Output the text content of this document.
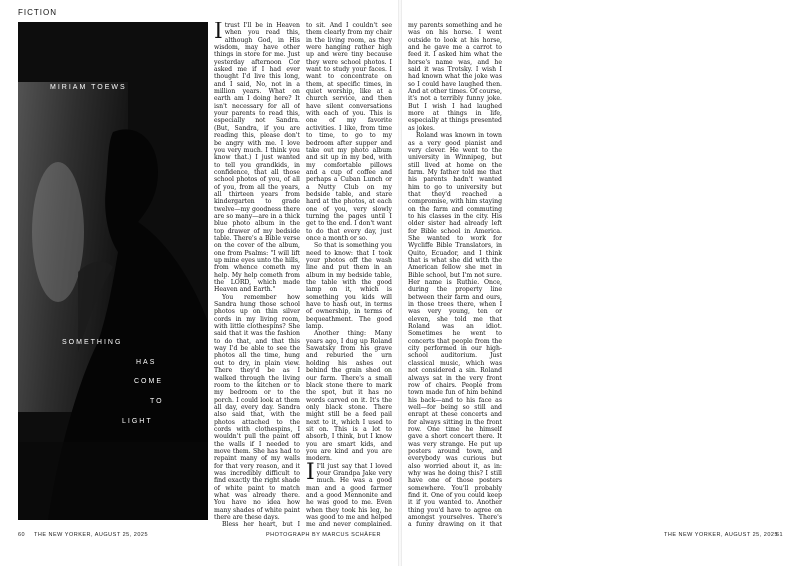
FICTION
MIRIAM TOEWS
SOMETHING
HAS
COME
TO
LIGHT

Itrust I'll be in Heaven when you read this, although God, in His wisdom, may have other things in store for me. Just yesterday afternoon Cor asked me if I had ever thought I'd live this long, and I said, No, not in a million years. What on earth am I doing here? It isn't necessary for all of your parents to read this, especially not Sandra. (But, Sandra, if you are reading this, please don't be angry with me. I love you very much. I think you know that.) I just wanted to tell you grandkids, in confidence, that all those school photos of you, of all of you, from all the years, all thirteen years from kindergarten to grade twelve—my goodness there are so many—are in a thick blue photo album in the top drawer of my bedside table. There's a Bible verse on the cover of the album, one from Psalms: "I will lift up mine eyes unto the hills, from whence cometh my help. My help cometh from the LORD, which made Heaven and Earth."

You remember how Sandra hung those school photos up on thin silver cords in my living room, with little clothespins? She said that it was the fashion to do that, and that this way I'd be able to see the photos all the time, hung out to dry, in plain view. There they'd be as I walked through the living room to the kitchen or to my bedroom or to the porch. I could look at them all day, every day. Sandra also said that, with the photos attached to the cords with clothespins, I wouldn't pull the paint off the walls if I needed to move them. She has had to repaint many of my walls for that very reason, and it was incredibly difficult to find exactly the right shade of white paint to match what was already there. You have no idea how many shades of white paint there are these days.

Bless her heart, but I

to sit. And I couldn't see them clearly from my chair in the living room, as they were hanging rather high up and were tiny because they were school photos. I want to study your faces. I want to concentrate on them, at specific times, in quiet worship, like at a church service, and then have silent conversations with each of you. This is one of my favorite activities. I like, from time to time, to go to my bedroom after supper and take out my photo album and sit up in my bed, with my comfortable pillows and a cup of coffee and perhaps a Cuban Lunch or a Nutty Club on my bedside table, and stare hard at the photos, at each one of you, very slowly turning the pages until I get to the end. I don't want to do that every day, just once a month or so.

So that is something you need to know: that I took your photos off the wash line and put them in an album in my bedside table, the table with the good lamp on it, which is something you kids will have to hash out, in terms of ownership, in terms of bequeathment. The good lamp.

Another thing: Many years ago, I dug up Roland Sawatsky from his grave and reburied the urn holding his ashes out behind the grain shed on our farm. There's a small black stone there to mark the spot, but it has no words carved on it. It's the only black stone. There might still be a feed pail next to it, which I used to sit on. This is a lot to absorb, I think, but I know you are smart kids, and you are kind and you are modern.

I I'll just say that I loved your Grandpa Jake very much. He was a good man and a good farmer and a good Mennonite and he was good to me. Even when they took his leg, he was good to me and helped me and never complained.

60 THE NEW YORKER, AUGUST 25, 2025	PHOTOGRAPH BY MARCUS SCHÄFER

my parents something and he was on his horse. I went outside to look at his horse, and he gave me a carrot to feed it. I asked him what the horse's name was, and he said it was Trotsky. I wish I had known what the joke was so I could have laughed then. And at other times. Of course, it's not a terribly funny joke. But I wish I had laughed more at things in life, especially at things presented as jokes.

Roland was known in town as a very good pianist and very clever. He went to the university in Winnipeg, but still lived at home on the farm. My father told me that his parents hadn't wanted him to go to university but that they'd reached a compromise, with him staying on the farm and commuting to his classes in the city. His older sister had already left for Bible school in America. She wanted to work for Wycliffe Bible Translators, in Quito, Ecuador, and I think that is what she did with the American fellow she met in Bible school, but I'm not sure. Her name is Ruthie. Once, during the property line between their farm and ours, in those trees there, when I was very young, ten or eleven, she told me that Roland was an idiot. Sometimes he went to concerts that people from the city performed in our high-school auditorium. Just classical music, which was not considered a sin. Roland always sat in the very front row of chairs. People from town made fun of him behind his back—and to his face as well—for being so still and enrapt at these concerts and for always sitting in the front row. One time he himself gave a short concert there. It was very strange. He put up posters around town, and everybody was curious but also worried about it, as in: why was he doing this? I still have one of those posters somewhere. You'll probably find it. One of you could keep it if you wanted to. Another thing you'd have to agree on amongst yourselves. There's a funny drawing on it that

THE NEW YORKER, AUGUST 25, 2025
61
